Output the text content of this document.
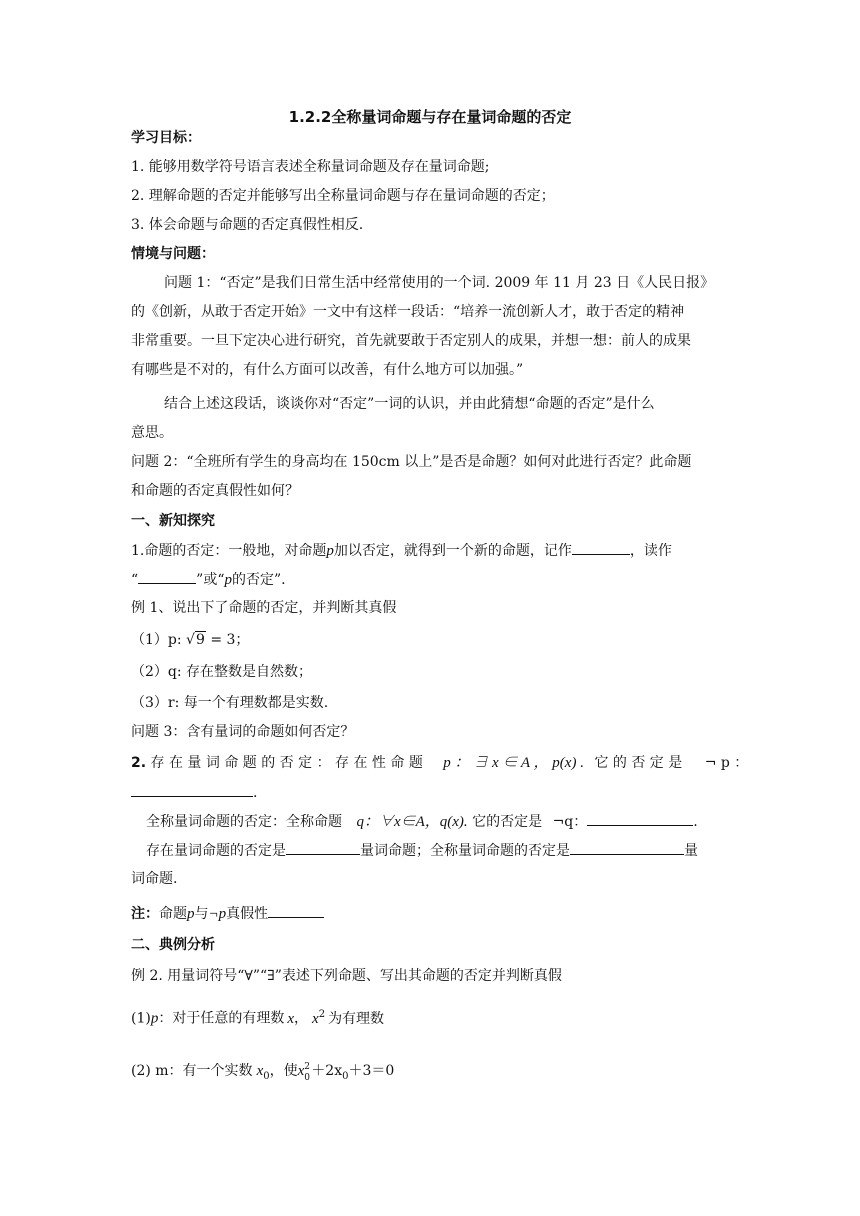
1.2.2全称量词命题与存在量词命题的否定
学习目标：
1. 能够用数学符号语言表述全称量词命题及存在量词命题;
2. 理解命题的否定并能够写出全称量词命题与存在量词命题的否定；
3. 体会命题与命题的否定真假性相反.
情境与问题：
问题 1：“否定”是我们日常生活中经常使用的一个词. 2009 年 11 月 23 日《人民日报》
的《创新，从敢于否定开始》一文中有这样一段话：“培养一流创新人才，敢于否定的精神
非常重要。一旦下定决心进行研究，首先就要敢于否定别人的成果，并想一想：前人的成果
有哪些是不对的，有什么方面可以改善，有什么地方可以加强。”
结合上述这段话，谈谈你对“否定”一词的认识，并由此猜想“命题的否定”是什么
意思。
问题 2：“全班所有学生的身高均在 150cm 以上”是否是命题？如何对此进行否定？此命题
和命题的否定真假性如何？
一、新知探究
1.命题的否定：一般地，对命题p加以否定，就得到一个新的命题，记作	，读作
“	”或“p的否定”.
例 1、说出下了命题的否定，并判断其真假
（1）p: √9 = 3；
（2）q: 存在整数是自然数；
（3）r: 每一个有理数都是实数.
问题 3：含有量词的命题如何否定？
2. 存 在 量 词 命 题 的 否 定 ： 存 在 性 命 题 p ： ∃ x ∈ A ， p(x) . 它 的 否 定 是 ¬ p ：
.
全称量词命题的否定：全称命题 q：∀x∈A，q(x). 它的否定是 ¬q：	.
存在量词命题的否定是	量词命题；全称量词命题的否定是	量
词命题.
注：命题p与¬p真假性
二、典例分析
例 2. 用量词符号“∀”“∃”表述下列命题、写出其命题的否定并判断真假
(1)p：对于任意的有理数 x， $x^2$ 为有理数
(2) m：有一个实数 $x_0$，使x 2
$0 +2x_0+3=0$
